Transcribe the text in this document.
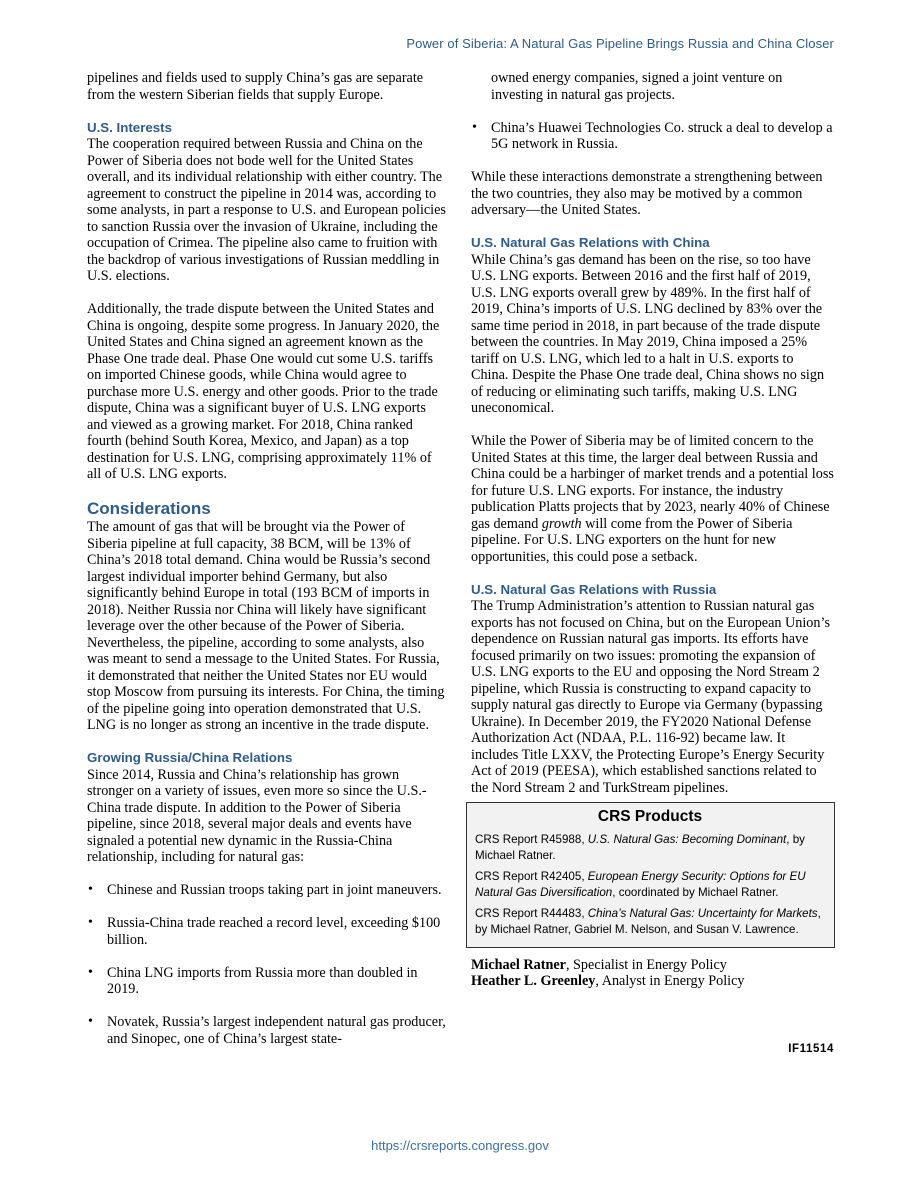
Power of Siberia: A Natural Gas Pipeline Brings Russia and China Closer

pipelines and fields used to supply China’s gas are separate from the western Siberian fields that supply Europe.

U.S. Interests

The cooperation required between Russia and China on the Power of Siberia does not bode well for the United States overall, and its individual relationship with either country. The agreement to construct the pipeline in 2014 was, according to some analysts, in part a response to U.S. and European policies to sanction Russia over the invasion of Ukraine, including the occupation of Crimea. The pipeline also came to fruition with the backdrop of various investigations of Russian meddling in U.S. elections.

Additionally, the trade dispute between the United States and China is ongoing, despite some progress. In January 2020, the United States and China signed an agreement known as the Phase One trade deal. Phase One would cut some U.S. tariffs on imported Chinese goods, while China would agree to purchase more U.S. energy and other goods. Prior to the trade dispute, China was a significant buyer of U.S. LNG exports and viewed as a growing market. For 2018, China ranked fourth (behind South Korea, Mexico, and Japan) as a top destination for U.S. LNG, comprising approximately 11% of all of U.S. LNG exports.

Considerations

The amount of gas that will be brought via the Power of Siberia pipeline at full capacity, 38 BCM, will be 13% of China’s 2018 total demand. China would be Russia’s second largest individual importer behind Germany, but also significantly behind Europe in total (193 BCM of imports in 2018). Neither Russia nor China will likely have significant leverage over the other because of the Power of Siberia. Nevertheless, the pipeline, according to some analysts, also was meant to send a message to the United States. For Russia, it demonstrated that neither the United States nor EU would stop Moscow from pursuing its interests. For China, the timing of the pipeline going into operation demonstrated that U.S. LNG is no longer as strong an incentive in the trade dispute.

Growing Russia/China Relations

Since 2014, Russia and China’s relationship has grown stronger on a variety of issues, even more so since the U.S.-China trade dispute. In addition to the Power of Siberia pipeline, since 2018, several major deals and events have signaled a potential new dynamic in the Russia-China relationship, including for natural gas:

• Chinese and Russian troops taking part in joint maneuvers.
• Russia-China trade reached a record level, exceeding $100 billion.
• China LNG imports from Russia more than doubled in 2019.
• Novatek, Russia’s largest independent natural gas producer, and Sinopec, one of China’s largest state-

owned energy companies, signed a joint venture on investing in natural gas projects.

• China’s Huawei Technologies Co. struck a deal to develop a 5G network in Russia.

While these interactions demonstrate a strengthening between the two countries, they also may be motived by a common adversary—the United States.

U.S. Natural Gas Relations with China

While China’s gas demand has been on the rise, so too have U.S. LNG exports. Between 2016 and the first half of 2019, U.S. LNG exports overall grew by 489%. In the first half of 2019, China’s imports of U.S. LNG declined by 83% over the same time period in 2018, in part because of the trade dispute between the countries. In May 2019, China imposed a 25% tariff on U.S. LNG, which led to a halt in U.S. exports to China. Despite the Phase One trade deal, China shows no sign of reducing or eliminating such tariffs, making U.S. LNG uneconomical.

While the Power of Siberia may be of limited concern to the United States at this time, the larger deal between Russia and China could be a harbinger of market trends and a potential loss for future U.S. LNG exports. For instance, the industry publication Platts projects that by 2023, nearly 40% of Chinese gas demand growth will come from the Power of Siberia pipeline. For U.S. LNG exporters on the hunt for new opportunities, this could pose a setback.

U.S. Natural Gas Relations with Russia

The Trump Administration’s attention to Russian natural gas exports has not focused on China, but on the European Union’s dependence on Russian natural gas imports. Its efforts have focused primarily on two issues: promoting the expansion of U.S. LNG exports to the EU and opposing the Nord Stream 2 pipeline, which Russia is constructing to expand capacity to supply natural gas directly to Europe via Germany (bypassing Ukraine). In December 2019, the FY2020 National Defense Authorization Act (NDAA, P.L. 116-92) became law. It includes Title LXXV, the Protecting Europe’s Energy Security Act of 2019 (PEESA), which established sanctions related to the Nord Stream 2 and TurkStream pipelines.

CRS Products
CRS Report R45988, U.S. Natural Gas: Becoming Dominant, by Michael Ratner.
CRS Report R42405, European Energy Security: Options for EU Natural Gas Diversification, coordinated by Michael Ratner.
CRS Report R44483, China’s Natural Gas: Uncertainty for Markets, by Michael Ratner, Gabriel M. Nelson, and Susan V. Lawrence.

Michael Ratner, Specialist in Energy Policy

Heather L. Greenley, Analyst in Energy Policy

IF11514
https://crsreports.congress.gov
